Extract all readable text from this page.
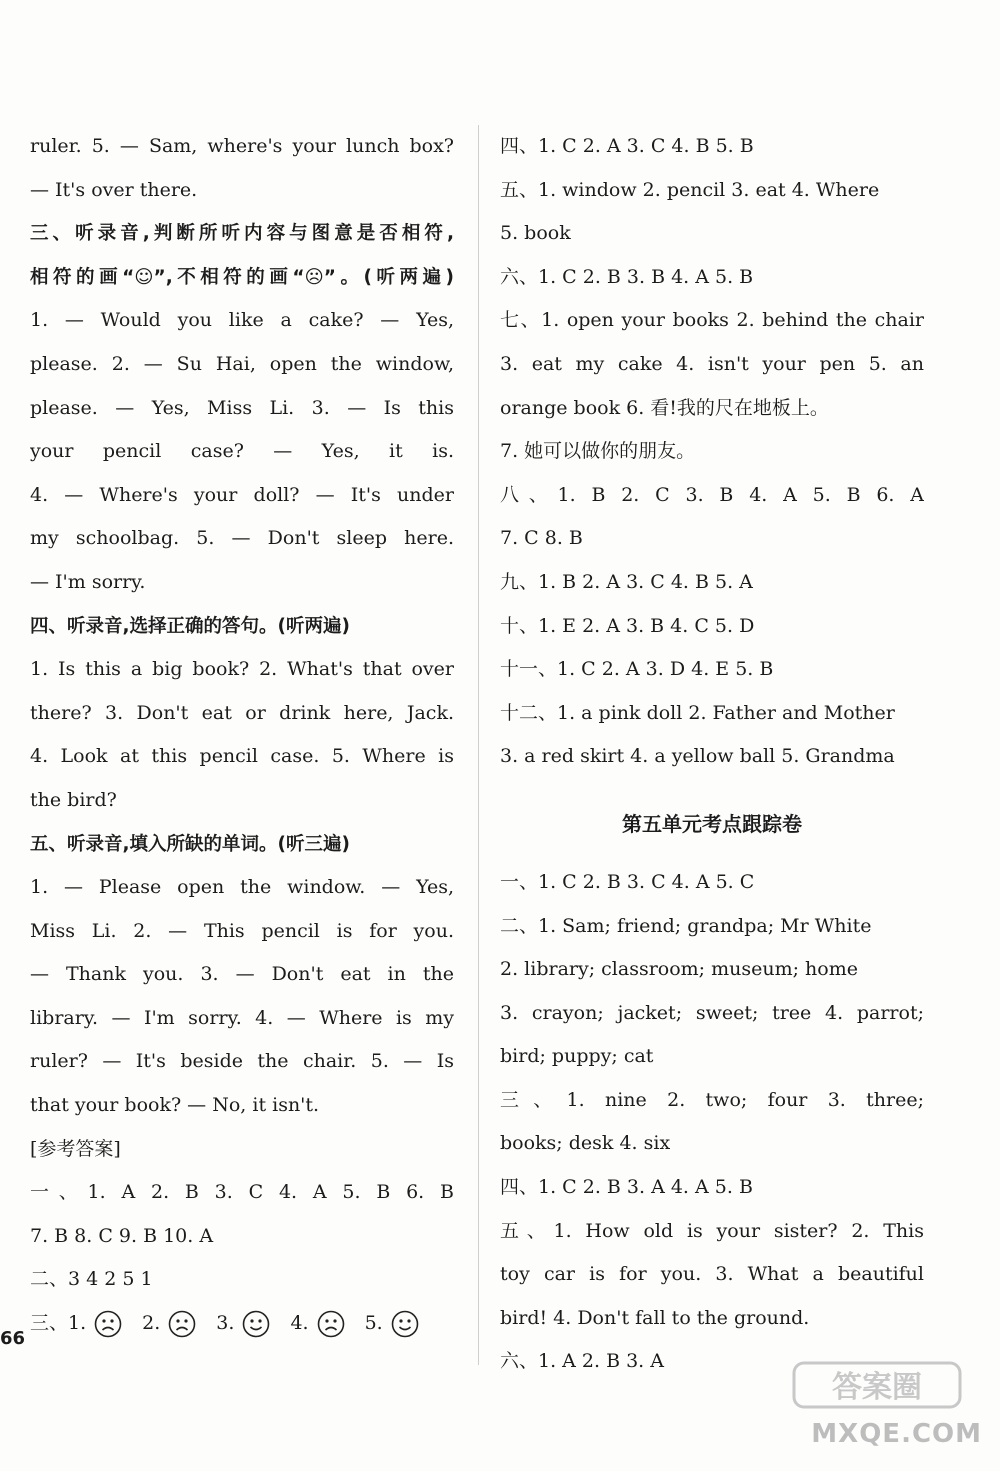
ruler. 5. — Sam, where's your lunch box?
— It's over there.
三、听录音,判断所听内容与图意是否相符,
相符的画“☺”,不相符的画“☹”。(听两遍)
1. — Would you like a cake? — Yes,
please. 2. — Su Hai, open the window,
please. — Yes, Miss Li. 3. — Is this
your pencil case? — Yes, it is.
4. — Where's your doll? — It's under
my schoolbag. 5. — Don't sleep here.
— I'm sorry.
四、听录音,选择正确的答句。(听两遍)
1. Is this a big book? 2. What's that over
there? 3. Don't eat or drink here, Jack.
4. Look at this pencil case. 5. Where is
the bird?
五、听录音,填入所缺的单词。(听三遍)
1. — Please open the window. — Yes,
Miss Li. 2. — This pencil is for you.
— Thank you. 3. — Don't eat in the
library. — I'm sorry. 4. — Where is my
ruler? — It's beside the chair. 5. — Is
that your book? — No, it isn't.
[参考答案]
一、1. A 2. B 3. C 4. A 5. B 6. B
7. B 8. C 9. B 10. A
二、3 4 2 5 1
三、 1.	2.	3.	4.	5.
四、1. C 2. A 3. C 4. B 5. B
五、1. window 2. pencil 3. eat 4. Where
5. book
六、1. C 2. B 3. B 4. A 5. B
七、1. open your books 2. behind the chair
3. eat my cake 4. isn't your pen 5. an
orange book 6. 看!我的尺在地板上。
7. 她可以做你的朋友。
八、1. B 2. C 3. B 4. A 5. B 6. A
7. C 8. B
九、1. B 2. A 3. C 4. B 5. A
十、1. E 2. A 3. B 4. C 5. D
十一、1. C 2. A 3. D 4. E 5. B
十二、1. a pink doll 2. Father and Mother
3. a red skirt 4. a yellow ball 5. Grandma
第五单元考点跟踪卷
一、1. C 2. B 3. C 4. A 5. C
二、1. Sam; friend; grandpa; Mr White
2. library; classroom; museum; home
3. crayon; jacket; sweet; tree 4. parrot;
bird; puppy; cat
三、1. nine 2. two; four 3. three;
books; desk 4. six
四、1. C 2. B 3. A 4. A 5. B
五、1. How old is your sister? 2. This
toy car is for you. 3. What a beautiful
bird! 4. Don't fall to the ground.
六、1. A 2. B 3. A
66
答案圈
MXQE.COM
